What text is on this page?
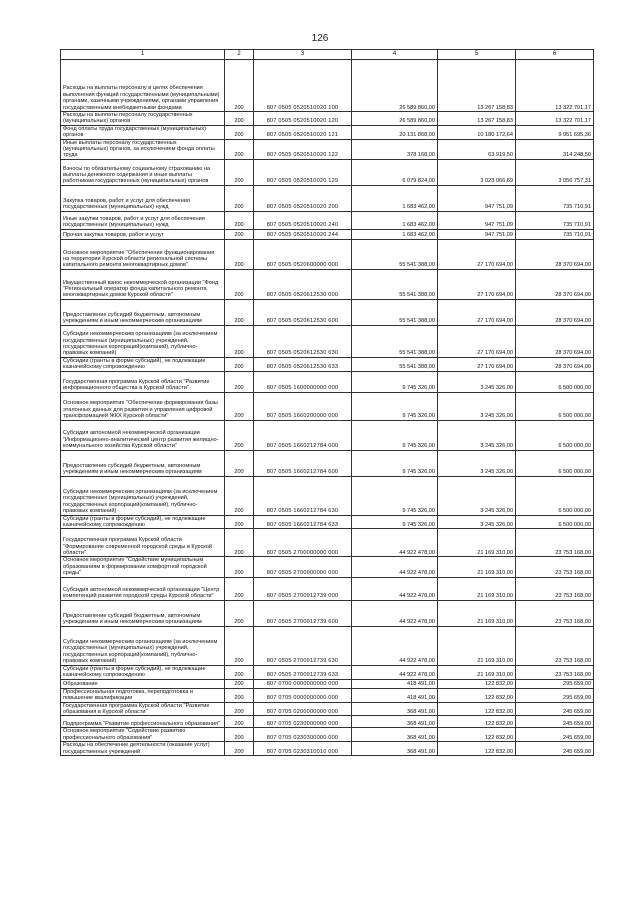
126
1	2	3	4	5	6
Расходы на выплаты персоналу в целях обеспечения выполнения функций государственными (муниципальными) органами, казенными учреждениями, органами управления государственными внебюджетными фондами	200	807 0505 0520510020 100	26 589 860,00	13 267 158,83	13 322 701,17
Расходы на выплаты персоналу государственных (муниципальных) органов	200	807 0505 0520510020 120	26 589 860,00	13 267 158,83	13 322 701,17
Фонд оплаты труда государственных (муниципальных) органов	200	807 0505 0520510020 121	20 131 868,00	10 180 172,64	9 951 695,36
Иные выплаты персоналу государственных (муниципальных) органов, за исключением фонда оплаты труда	200	807 0505 0520510020 122	378 168,00	63 919,50	314 248,50
Взносы по обязательному социальному страхованию на выплаты денежного содержания и иные выплаты работникам государственных (муниципальных) органов	200	807 0505 0520510020 129	6 079 824,00	3 023 066,69	3 056 757,31
Закупка товаров, работ и услуг для обеспечения государственных (муниципальных) нужд	200	807 0505 0520510020 200	1 683 462,00	947 751,09	735 710,91
Иные закупки товаров, работ и услуг для обеспечения государственных (муниципальных) нужд	200	807 0505 0520510020 240	1 683 462,00	947 751,09	735 710,91
Прочая закупка товаров, работ и услуг	200	807 0505 0520510020 244	1 683 462,00	947 751,09	735 710,91
Основное мероприятие "Обеспечение функционирования на территории Курской области региональной системы капитального ремонта многоквартирных домов"	200	807 0505 0520600000 000	55 541 388,00	27 170 694,00	28 370 694,00
Имущественный взнос некоммерческой организации "Фонд "Региональный оператор фонда капитального ремонта многоквартирных домов Курской области"	200	807 0505 0520612530 000	55 541 388,00	27 170 694,00	28 370 694,00
Предоставление субсидий бюджетным, автономным учреждениям и иным некоммерческим организациям	200	807 0505 0520612530 600	55 541 388,00	27 170 694,00	28 370 694,00
Субсидии некоммерческим организациям (за исключением государственных (муниципальных) учреждений, государственных корпораций(компаний), публично-правовых компаний)	200	807 0505 0520612530 630	55 541 388,00	27 170 694,00	28 370 694,00
Субсидии (гранты в форме субсидий), не подлежащие казначейскому сопровождению	200	807 0505 0520612530 633	55 541 388,00	27 170 694,00	28 370 694,00
Государственная программа Курской области "Развитие информационного общества в Курской области"	200	807 0505 1600000000 000	9 745 326,00	3 245 326,00	6 500 000,00
Основное мероприятие "Обеспечение формирования базы эталонных данных для развития и управления цифровой трансформацией ЖКХ Курской области"	200	807 0505 1660200000 000	9 745 326,00	3 245 326,00	6 500 000,00
Субсидия автономной некоммерческой организации "Информационно-аналитический центр развития жилищно-коммунального хозяйства Курской области"	200	807 0505 1660212784 000	9 745 326,00	3 245 326,00	6 500 000,00
Предоставление субсидий бюджетным, автономным учреждениям и иным некоммерческим организациям	200	807 0505 1660212784 600	9 745 326,00	3 245 326,00	6 500 000,00
Субсидии некоммерческим организациям (за исключением государственных (муниципальных) учреждений, государственных корпораций(компаний), публично-правовых компаний)	200	807 0505 1660212784 630	9 745 326,00	3 245 326,00	6 500 000,00
Субсидии (гранты в форме субсидий), не подлежащие казначейскому сопровождению	200	807 0505 1660212784 633	9 745 326,00	3 245 326,00	6 500 000,00
Государственная программа Курской области "Формирование современной городской среды в Курской области"	200	807 0505 2700000000 000	44 922 478,00	21 169 310,00	23 753 168,00
Основное мероприятие "Содействие муниципальным образованиям в формировании комфортной городской среды"	200	807 0505 2700900000 000	44 922 478,00	21 169 310,00	23 753 168,00
Субсидия автономной некоммерческой организации "Центр компетенций развития городской среды Курской области"	200	807 0505 2700912739 000	44 922 478,00	21 169 310,00	23 753 168,00
Предоставление субсидий бюджетным, автономным учреждениям и иным некоммерческим организациям	200	807 0505 2700912739 600	44 922 478,00	21 169 310,00	23 753 168,00
Субсидии некоммерческим организациям (за исключением государственных (муниципальных) учреждений, государственных корпораций(компаний), публично-правовых компаний)	200	807 0505 2700912739 630	44 922 478,00	21 169 310,00	23 753 168,00
Субсидии (гранты в форме субсидий), не подлежащие казначейскому сопровождению	200	807 0505 2700912739 633	44 922 478,00	21 169 310,00	23 753 168,00
Образование	200	807 0700 0000000000 000	418 491,00	122 832,00	295 659,00
Профессиональная подготовка, переподготовка и повышение квалификации	200	807 0705 0000000000 000	418 491,00	122 832,00	295 659,00
Государственная программа Курской области "Развитие образования в Курской области"	200	807 0705 0200000000 000	368 491,00	122 832,00	245 659,00
Подпрограмма "Развитие профессионального образования"	200	807 0705 0230000000 000	368 491,00	122 832,00	245 659,00
Основное мероприятие "Содействие развитию профессионального образования"	200	807 0705 0230300000 000	368 491,00	122 832,00	245 659,00
Расходы на обеспечение деятельности (оказание услуг) государственных учреждений	200	807 0705 0230310010 000	368 491,00	122 832,00	245 659,00
